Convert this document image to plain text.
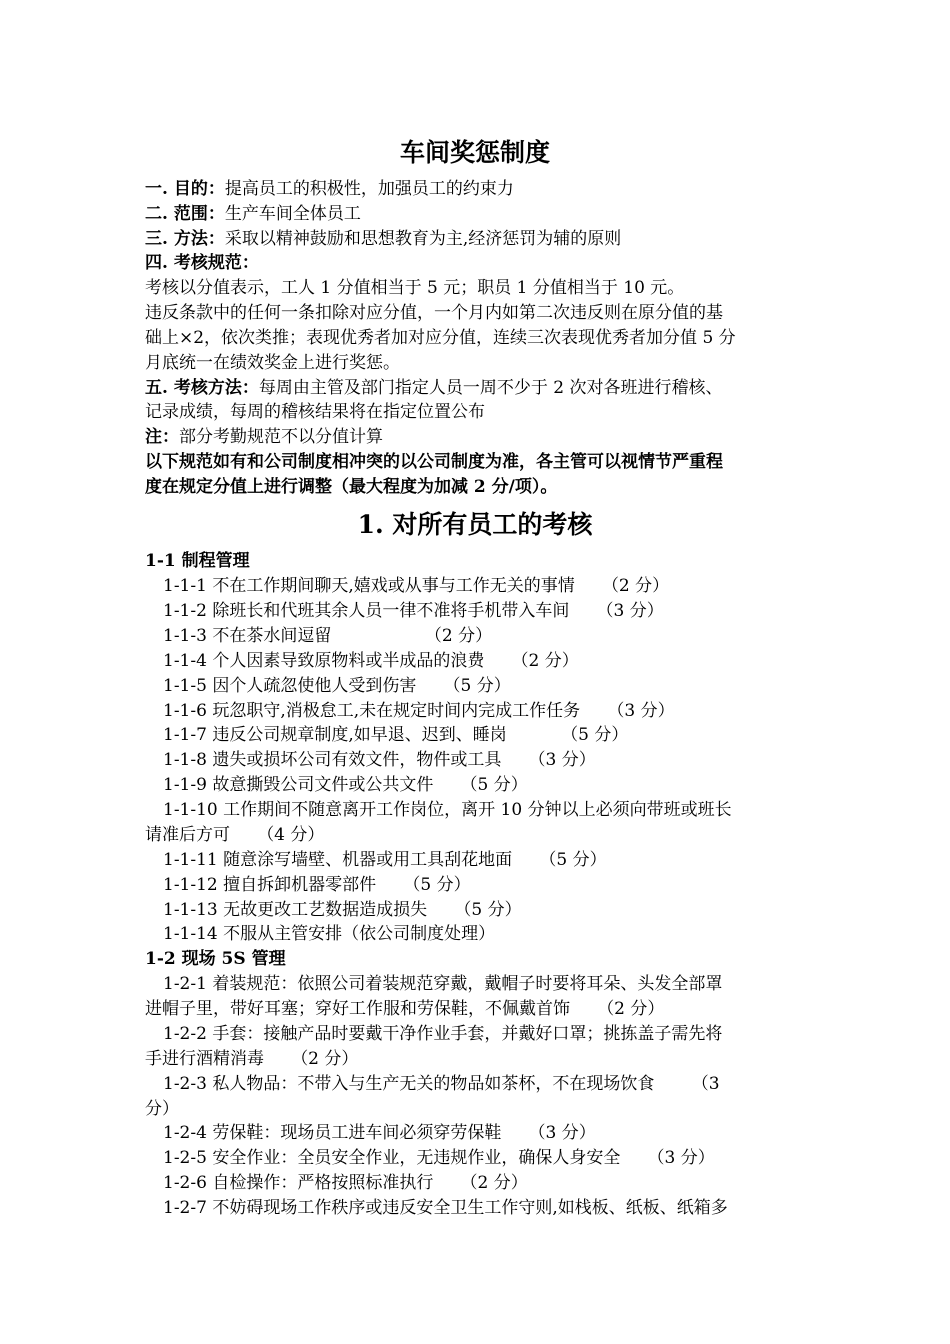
车间奖惩制度
一. 目的：提高员工的积极性，加强员工的约束力
二. 范围：生产车间全体员工
三. 方法：采取以精神鼓励和思想教育为主,经济惩罚为辅的原则
四. 考核规范：
考核以分值表示，工人 1 分值相当于 5 元；职员 1 分值相当于 10 元。
违反条款中的任何一条扣除对应分值，一个月内如第二次违反则在原分值的基
础上×2，依次类推；表现优秀者加对应分值，连续三次表现优秀者加分值 5 分
月底统一在绩效奖金上进行奖惩。
五. 考核方法：每周由主管及部门指定人员一周不少于 2 次对各班进行稽核、
记录成绩，每周的稽核结果将在指定位置公布
注：部分考勤规范不以分值计算
以下规范如有和公司制度相冲突的以公司制度为准，各主管可以视情节严重程
度在规定分值上进行调整（最大程度为加减 2 分/项）。
1. 对所有员工的考核
1-1 制程管理
1-1-1 不在工作期间聊天,嬉戏或从事与工作无关的事情 （2 分）
1-1-2 除班长和代班其余人员一律不准将手机带入车间 （3 分）
1-1-3 不在茶水间逗留	（2 分）
1-1-4 个人因素导致原物料或半成品的浪费 （2 分）
1-1-5 因个人疏忽使他人受到伤害 （5 分）
1-1-6 玩忽职守,消极怠工,未在规定时间内完成工作任务 （3 分）
1-1-7 违反公司规章制度,如早退、迟到、睡岗	（5 分）
1-1-8 遗失或损坏公司有效文件，物件或工具 （3 分）
1-1-9 故意撕毁公司文件或公共文件 （5 分）
1-1-10 工作期间不随意离开工作岗位，离开 10 分钟以上必须向带班或班长
请准后方可 （4 分）
1-1-11 随意涂写墙壁、机器或用工具刮花地面 （5 分）
1-1-12 擅自拆卸机器零部件 （5 分）
1-1-13 无故更改工艺数据造成损失 （5 分）
1-1-14 不服从主管安排（依公司制度处理）
1-2 现场 5S 管理
1-2-1 着装规范：依照公司着装规范穿戴，戴帽子时要将耳朵、头发全部罩
进帽子里，带好耳塞；穿好工作服和劳保鞋，不佩戴首饰 （2 分）
1-2-2 手套：接触产品时要戴干净作业手套，并戴好口罩；挑拣盖子需先将
手进行酒精消毒 （2 分）
1-2-3 私人物品：不带入与生产无关的物品如茶杯，不在现场饮食 （3
分）
1-2-4 劳保鞋：现场员工进车间必须穿劳保鞋 （3 分）
1-2-5 安全作业：全员安全作业，无违规作业，确保人身安全 （3 分）
1-2-6 自检操作：严格按照标准执行 （2 分）
1-2-7 不妨碍现场工作秩序或违反安全卫生工作守则,如栈板、纸板、纸箱多
